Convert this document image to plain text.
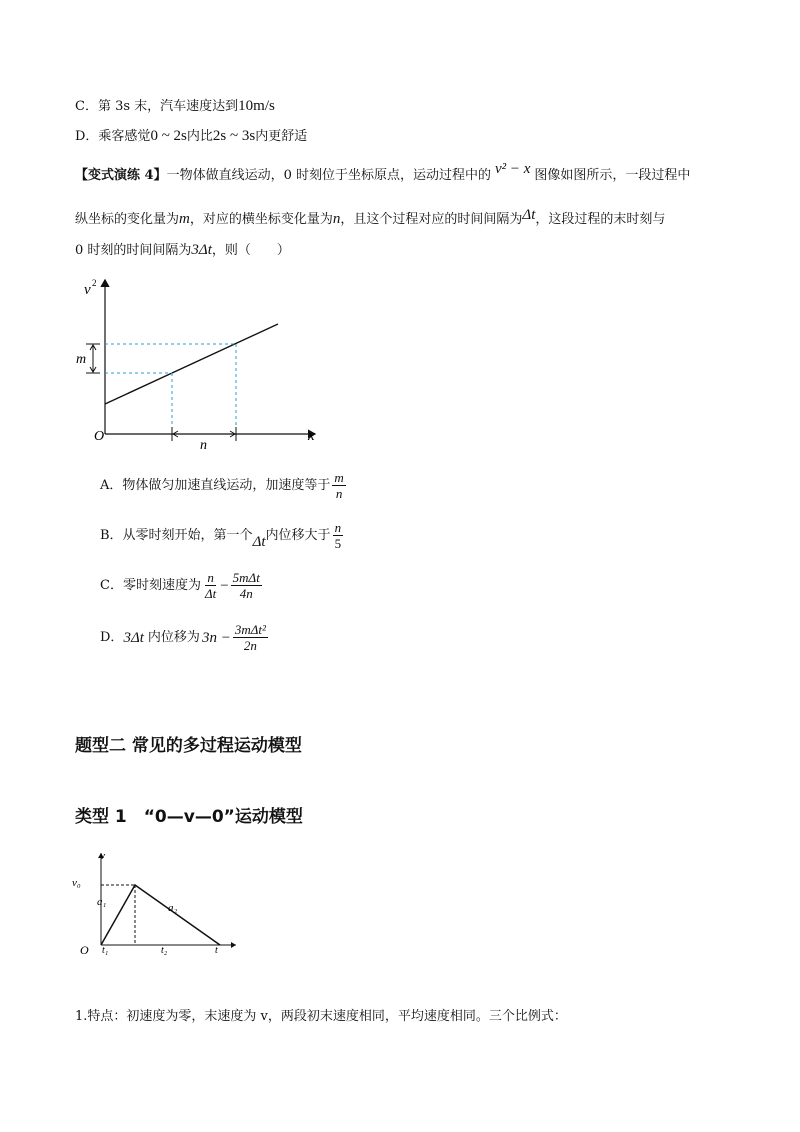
C．第 3s 末，汽车速度达到10m/s
D．乘客感觉0 ~ 2s内比2s ~ 3s内更舒适
【变式演练 4】一物体做直线运动，0 时刻位于坐标原点，运动过程中的 v² − x 图像如图所示，一段过程中
纵坐标的变化量为m，对应的横坐标变化量为n，且这个过程对应的时间间隔为Δt，这段过程的末时刻与
0 时刻的时间间隔为3Δt，则（　　）
v 2
x
O
m
n
A．物体做匀加速直线运动，加速度等于 $\frac{m}{n}$
B．从零时刻开始，第一个 Δt 内位移大于 $\frac{n}{5}$
C．零时刻速度为 $\frac{n}{\Delta t} - \frac{\text{5mΔt}}{4n}$
D． 3Δt 内位移为 $3n - \frac{\text{3mΔt²}}{2n}$
题型二 常见的多过程运动模型
类型 1　“0—v—0”运动模型
v
v₀
a₁	a₂
O t₁	t₂	t
1.特点：初速度为零，末速度为 v，两段初末速度相同，平均速度相同。三个比例式：
